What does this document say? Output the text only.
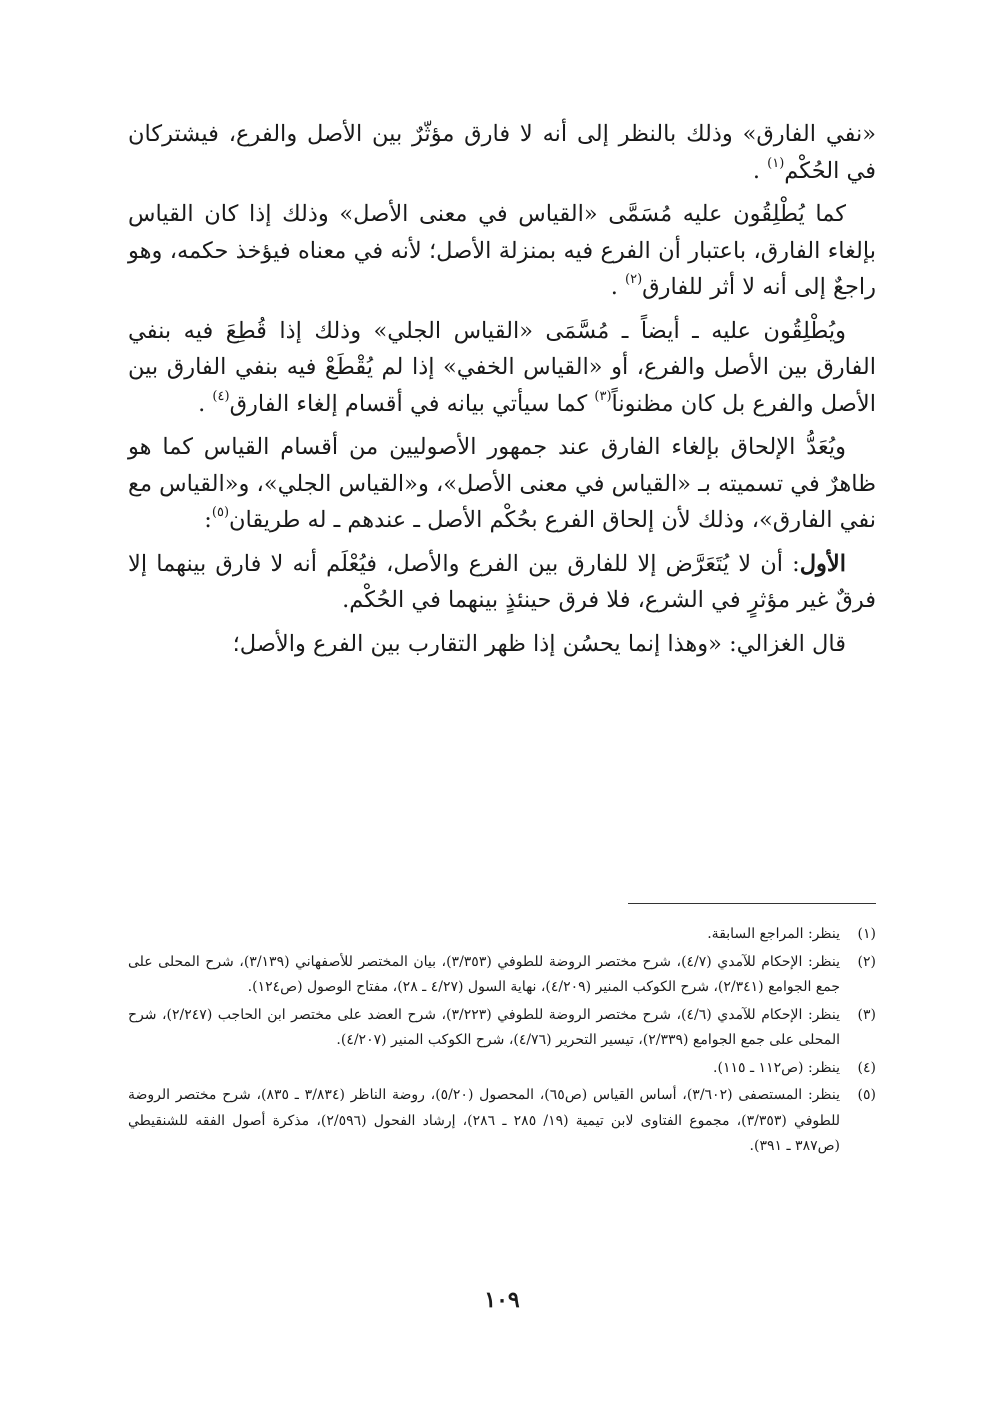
«نفي الفارق» وذلك بالنظر إلى أنه لا فارق مؤثّرٌ بين الأصل والفرع، فيشتركان في الحُكْم$^{(١)}$ .

كما يُطْلِقُون عليه مُسَمَّى «القياس في معنى الأصل» وذلك إذا كان القياس بإلغاء الفارق، باعتبار أن الفرع فيه بمنزلة الأصل؛ لأنه في معناه فيؤخذ حكمه، وهو راجعٌ إلى أنه لا أثر للفارق$^{(٢)}$ .

ويُطْلِقُون عليه ـ أيضاً ـ مُسَّمَى «القياس الجلي» وذلك إذا قُطِعَ فيه بنفي الفارق بين الأصل والفرع، أو «القياس الخفي» إذا لم يُقْطَعْ فيه بنفي الفارق بين الأصل والفرع بل كان مظنوناً$^{(٣)}$ كما سيأتي بيانه في أقسام إلغاء الفارق$^{(٤)}$ .

ويُعَدُّ الإلحاق بإلغاء الفارق عند جمهور الأصوليين من أقسام القياس كما هو ظاهرٌ في تسميته بـ «القياس في معنى الأصل»، و«القياس الجلي»، و«القياس مع نفي الفارق»، وذلك لأن إلحاق الفرع بحُكْم الأصل ـ عندهم ـ له طريقان$^{(٥)}$:

الأول: أن لا يُتَعَرَّض إلا للفارق بين الفرع والأصل، فيُعْلَم أنه لا فارق بينهما إلا فرقٌ غير مؤثرٍ في الشرع، فلا فرق حينئذٍ بينهما في الحُكْم.

قال الغزالي: «وهذا إنما يحسُن إذا ظهر التقارب بين الفرع والأصل؛

(١)
ينظر: المراجع السابقة.
(٢)
ينظر: الإحكام للآمدي (٤/٧)، شرح مختصر الروضة للطوفي (٣/٣٥٣)، بيان المختصر للأصفهاني (٣/١٣٩)، شرح المحلى على جمع الجوامع (٢/٣٤١)، شرح الكوكب المنير (٤/٢٠٩)، نهاية السول (٤/٢٧ ـ ٢٨)، مفتاح الوصول (ص١٢٤).
(٣)
ينظر: الإحكام للآمدي (٤/٦)، شرح مختصر الروضة للطوفي (٣/٢٢٣)، شرح العضد على مختصر ابن الحاجب (٢/٢٤٧)، شرح المحلى على جمع الجوامع (٢/٣٣٩)، تيسير التحرير (٤/٧٦)، شرح الكوكب المنير (٤/٢٠٧).
(٤)
ينظر: (ص١١٢ ـ ١١٥).
(٥)
ينظر: المستصفى (٣/٦٠٢)، أساس القياس (ص٦٥)، المحصول (٥/٢٠)، روضة الناظر (٣/٨٣٤ ـ ٨٣٥)، شرح مختصر الروضة للطوفي (٣/٣٥٣)، مجموع الفتاوى لابن تيمية (١٩/ ٢٨٥ ـ ٢٨٦)، إرشاد الفحول (٢/٥٩٦)، مذكرة أصول الفقه للشنقيطي (ص٣٨٧ ـ ٣٩١).
١٠٩
